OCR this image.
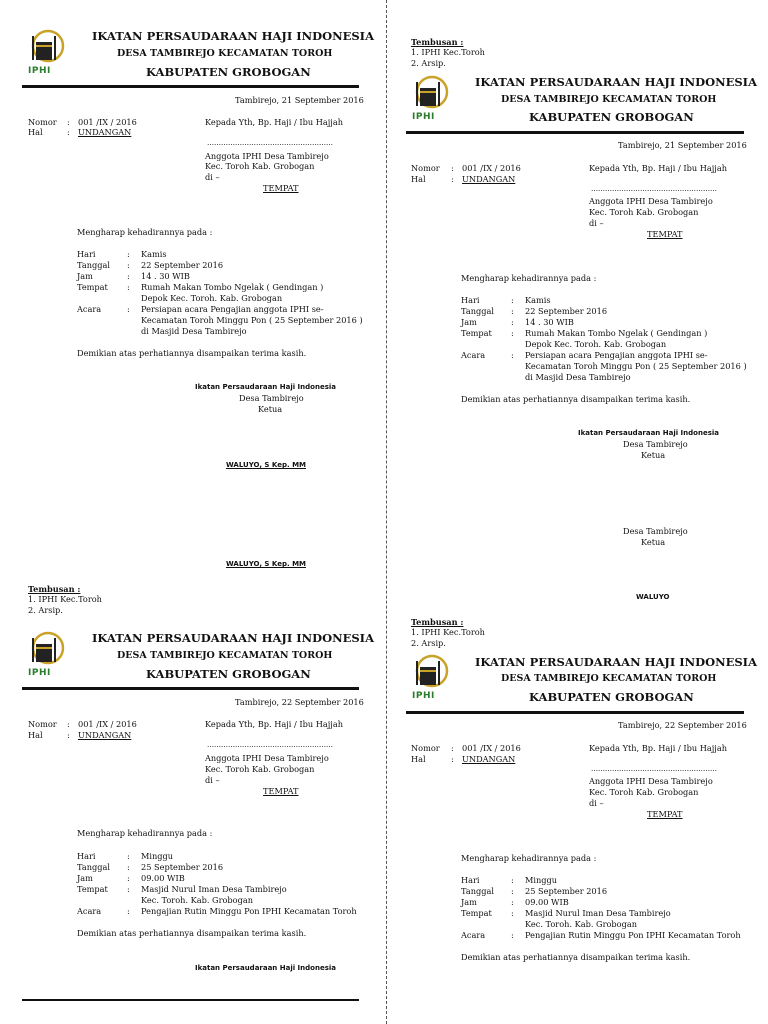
IPHI
IKATAN PERSAUDARAAN HAJI INDONESIA
DESA TAMBIREJO KECAMATAN TOROH
KABUPATEN GROBOGAN
Tambirejo, 21 September 2016
Nomor : 001 /IX / 2016
Hal	: UNDANGAN
Kepada Yth, Bp. Haji / Ibu Hajjah
………………………………………………
Anggota IPHI Desa Tambirejo
Kec. Toroh Kab. Grobogan
di –
TEMPAT
Mengharap kehadirannya pada :
Hari	: Kamis
Tanggal : 22 September 2016
Jam	: 14 . 30 WIB
Tempat : Rumah Makan Tombo Ngelak ( Gendingan )
Depok Kec. Toroh. Kab. Grobogan
Acara	: Persiapan acara Pengajian anggota IPHI se-
Kecamatan Toroh Minggu Pon ( 25 September 2016 )
di Masjid Desa Tambirejo
Demikian atas perhatiannya disampaikan terima kasih.
Ikatan Persaudaraan Haji Indonesia
Desa Tambirejo
Ketua
WALUYO, S Kep. MM
WALUYO, S Kep. MM
Tembusan :
1. IPHI Kec.Toroh
2. Arsip.
IPHI
IKATAN PERSAUDARAAN HAJI INDONESIA
DESA TAMBIREJO KECAMATAN TOROH
KABUPATEN GROBOGAN
Tambirejo, 21 September 2016
Nomor : 001 /IX / 2016
Hal	: UNDANGAN
Kepada Yth, Bp. Haji / Ibu Hajjah
………………………………………………
Anggota IPHI Desa Tambirejo
Kec. Toroh Kab. Grobogan
di –
TEMPAT
Mengharap kehadirannya pada :
Hari	: Kamis
Tanggal : 22 September 2016
Jam	: 14 . 30 WIB
Tempat : Rumah Makan Tombo Ngelak ( Gendingan )
Depok Kec. Toroh. Kab. Grobogan
Acara	: Persiapan acara Pengajian anggota IPHI se-
Kecamatan Toroh Minggu Pon ( 25 September 2016 )
di Masjid Desa Tambirejo
Demikian atas perhatiannya disampaikan terima kasih.
Ikatan Persaudaraan Haji Indonesia
Desa Tambirejo
Ketua
Desa Tambirejo
Ketua
WALUYO
Tembusan :
1. IPHI Kec.Toroh
2. Arsip.
IPHI
IKATAN PERSAUDARAAN HAJI INDONESIA
DESA TAMBIREJO KECAMATAN TOROH
KABUPATEN GROBOGAN
Tambirejo, 22 September 2016
Nomor : 001 /IX / 2016
Hal	: UNDANGAN
Kepada Yth, Bp. Haji / Ibu Hajjah
………………………………………………
Anggota IPHI Desa Tambirejo
Kec. Toroh Kab. Grobogan
di –
TEMPAT
Mengharap kehadirannya pada :
Hari	: Minggu
Tanggal : 25 September 2016
Jam	: 09.00 WIB
Tempat : Masjid Nurul Iman Desa Tambirejo
Kec. Toroh. Kab. Grobogan
Acara	: Pengajian Rutin Minggu Pon IPHI Kecamatan Toroh
Demikian atas perhatiannya disampaikan terima kasih.
Ikatan Persaudaraan Haji Indonesia
Tembusan :
1. IPHI Kec.Toroh
2. Arsip.
IPHI
IKATAN PERSAUDARAAN HAJI INDONESIA
DESA TAMBIREJO KECAMATAN TOROH
KABUPATEN GROBOGAN
Tambirejo, 22 September 2016
Nomor : 001 /IX / 2016
Hal	: UNDANGAN
Kepada Yth, Bp. Haji / Ibu Hajjah
………………………………………………
Anggota IPHI Desa Tambirejo
Kec. Toroh Kab. Grobogan
di –
TEMPAT
Mengharap kehadirannya pada :
Hari	: Minggu
Tanggal : 25 September 2016
Jam	: 09.00 WIB
Tempat : Masjid Nurul Iman Desa Tambirejo
Kec. Toroh. Kab. Grobogan
Acara	: Pengajian Rutin Minggu Pon IPHI Kecamatan Toroh
Demikian atas perhatiannya disampaikan terima kasih.
